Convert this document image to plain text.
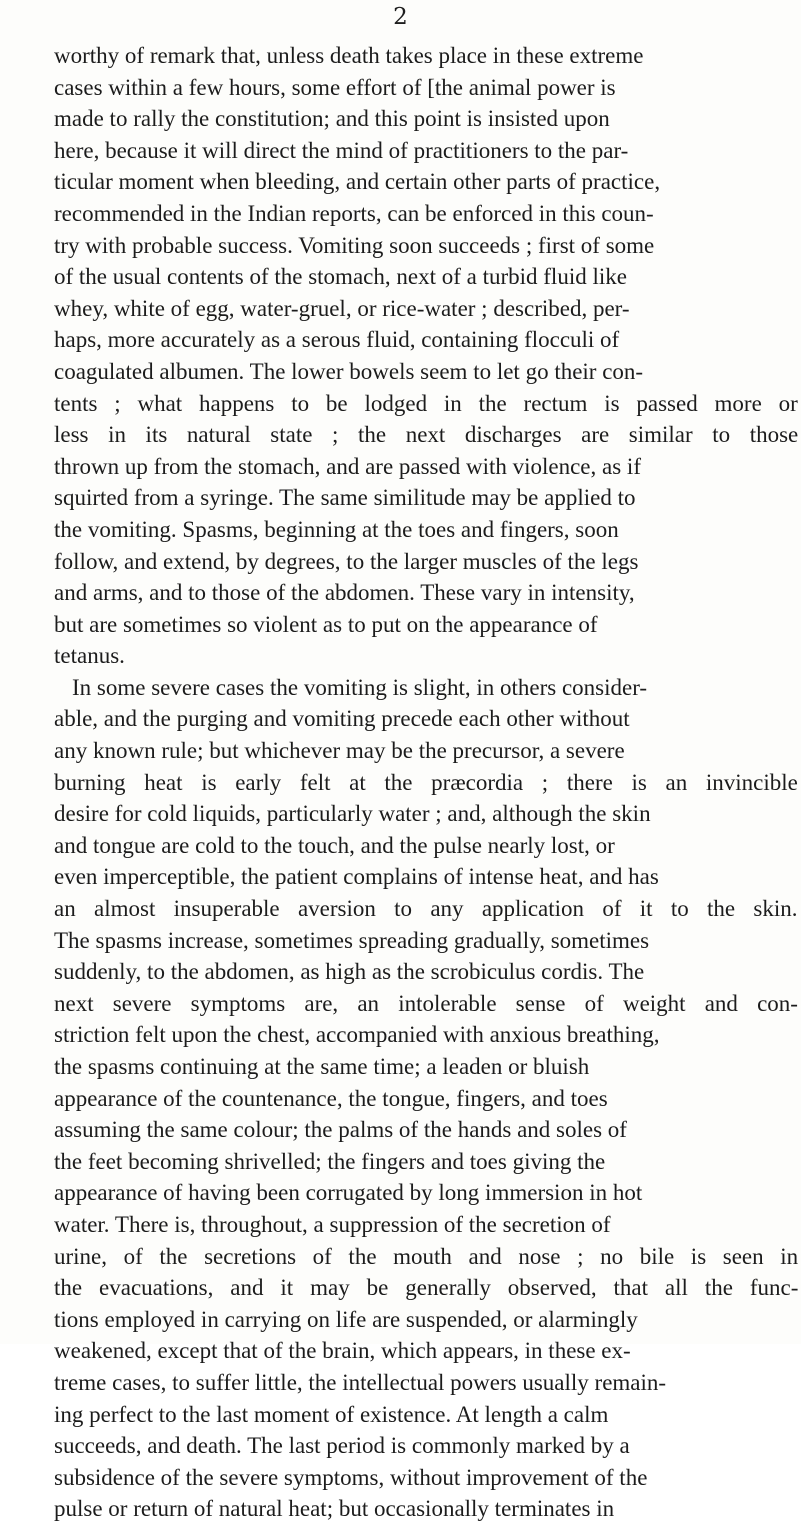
2
worthy of remark that, unless death takes place in these extreme
cases within a few hours, some effort of [the animal power is
made to rally the constitution; and this point is insisted upon
here, because it will direct the mind of practitioners to the par-
ticular moment when bleeding, and certain other parts of practice,
recommended in the Indian reports, can be enforced in this coun-
try with probable success. Vomiting soon succeeds ; first of some
of the usual contents of the stomach, next of a turbid fluid like
whey, white of egg, water-gruel, or rice-water ; described, per-
haps, more accurately as a serous fluid, containing flocculi of
coagulated albumen. The lower bowels seem to let go their con-
tents ; what happens to be lodged in the rectum is passed more or
less in its natural state ; the next discharges are similar to those
thrown up from the stomach, and are passed with violence, as if
squirted from a syringe. The same similitude may be applied to
the vomiting. Spasms, beginning at the toes and fingers, soon
follow, and extend, by degrees, to the larger muscles of the legs
and arms, and to those of the abdomen. These vary in intensity,
but are sometimes so violent as to put on the appearance of
tetanus.
In some severe cases the vomiting is slight, in others consider-
able, and the purging and vomiting precede each other without
any known rule; but whichever may be the precursor, a severe
burning heat is early felt at the præcordia ; there is an invincible
desire for cold liquids, particularly water ; and, although the skin
and tongue are cold to the touch, and the pulse nearly lost, or
even imperceptible, the patient complains of intense heat, and has
an almost insuperable aversion to any application of it to the skin.
The spasms increase, sometimes spreading gradually, sometimes
suddenly, to the abdomen, as high as the scrobiculus cordis. The
next severe symptoms are, an intolerable sense of weight and con-
striction felt upon the chest, accompanied with anxious breathing,
the spasms continuing at the same time; a leaden or bluish
appearance of the countenance, the tongue, fingers, and toes
assuming the same colour; the palms of the hands and soles of
the feet becoming shrivelled; the fingers and toes giving the
appearance of having been corrugated by long immersion in hot
water. There is, throughout, a suppression of the secretion of
urine, of the secretions of the mouth and nose ; no bile is seen in
the evacuations, and it may be generally observed, that all the func-
tions employed in carrying on life are suspended, or alarmingly
weakened, except that of the brain, which appears, in these ex-
treme cases, to suffer little, the intellectual powers usually remain-
ing perfect to the last moment of existence. At length a calm
succeeds, and death. The last period is commonly marked by a
subsidence of the severe symptoms, without improvement of the
pulse or return of natural heat; but occasionally terminates in
